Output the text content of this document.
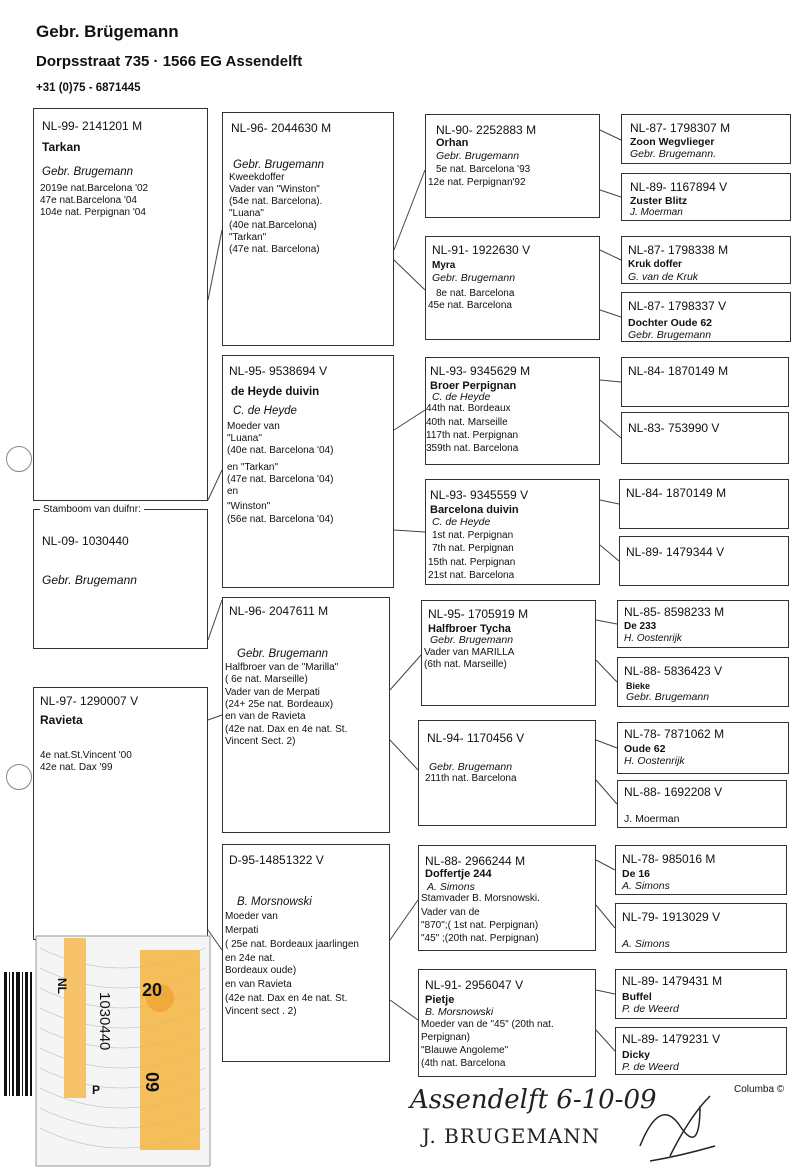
Gebr. Brügemann
Dorpsstraat 735 · 1566 EG Assendelft
+31 (0)75 - 6871445
NL-99- 2141201 M
Tarkan
Gebr. Brugemann
2019e nat.Barcelona '02
47e nat.Barcelona '04
104e nat. Perpignan '04
Stamboom van duifnr:
NL-09- 1030440
Gebr. Brugemann
NL-97- 1290007 V
Ravieta
4e nat.St.Vincent '00
42e nat. Dax '99
NL-96- 2044630 M
Gebr. Brugemann
Kweekdoffer
Vader van "Winston"
(54e nat. Barcelona).
"Luana"
(40e nat.Barcelona)
"Tarkan"
(47e nat. Barcelona)
NL-95- 9538694 V
de Heyde duivin
C. de Heyde
Moeder van
"Luana"
(40e nat. Barcelona '04)
en "Tarkan"
(47e nat. Barcelona '04)
en
"Winston"
(56e nat. Barcelona '04)
NL-96- 2047611 M
Gebr. Brugemann
Halfbroer van de "Marilla"
( 6e nat. Marseille)
Vader van de Merpati
(24+ 25e nat. Bordeaux)
en van de Ravieta
(42e nat. Dax en 4e nat. St.
Vincent Sect. 2)
D-95-14851322 V
B. Morsnowski
Moeder van
Merpati
( 25e nat. Bordeaux jaarlingen
en 24e nat.
Bordeaux oude)
en van Ravieta
(42e nat. Dax en 4e nat. St.
Vincent sect . 2)
NL-90- 2252883 M
Orhan
Gebr. Brugemann
5e nat. Barcelona '93
12e nat. Perpignan'92
NL-91- 1922630 V
Myra
Gebr. Brugemann
8e nat. Barcelona
45e nat. Barcelona
NL-93- 9345629 M
Broer Perpignan
C. de Heyde
44th nat. Bordeaux
40th nat. Marseille
117th nat. Perpignan
359th nat. Barcelona
NL-93- 9345559 V
Barcelona duivin
C. de Heyde
1st nat. Perpignan
7th nat. Perpignan
15th nat. Perpignan
21st nat. Barcelona
NL-95- 1705919 M
Halfbroer Tycha
Gebr. Brugemann
Vader van MARILLA
(6th nat. Marseille)
NL-94- 1170456 V
Gebr. Brugemann
211th nat. Barcelona
NL-88- 2966244 M
Doffertje 244
A. Simons
Stamvader B. Morsnowski.
Vader van de
"870";( 1st nat. Perpignan)
"45" ;(20th nat. Perpignan)
NL-91- 2956047 V
Pietje
B. Morsnowski
Moeder van de "45" (20th nat.
Perpignan)
"Blauwe Angoleme"
(4th nat. Barcelona
NL-87- 1798307 M
Zoon Wegvlieger
Gebr. Brugemann.
NL-89- 1167894 V
Zuster Blitz
J. Moerman
NL-87- 1798338 M
Kruk doffer
G. van de Kruk
NL-87- 1798337 V
Dochter Oude 62
Gebr. Brugemann
NL-84- 1870149 M
NL-83- 753990 V
NL-84- 1870149 M
NL-89- 1479344 V
NL-85- 8598233 M
De 233
H. Oostenrijk
NL-88- 5836423 V
Bieke
Gebr. Brugemann
NL-78- 7871062 M
Oude 62
H. Oostenrijk
NL-88- 1692208 V
J. Moerman
NL-78- 985016 M
De 16
A. Simons
NL-79- 1913029 V
A. Simons
NL-89- 1479431 M
Buffel
P. de Weerd
NL-89- 1479231 V
Dicky
P. de Weerd
NL
1030440
20
09
P	Columba ©
Assendelft 6-10-09
J. BRUGEMANN
